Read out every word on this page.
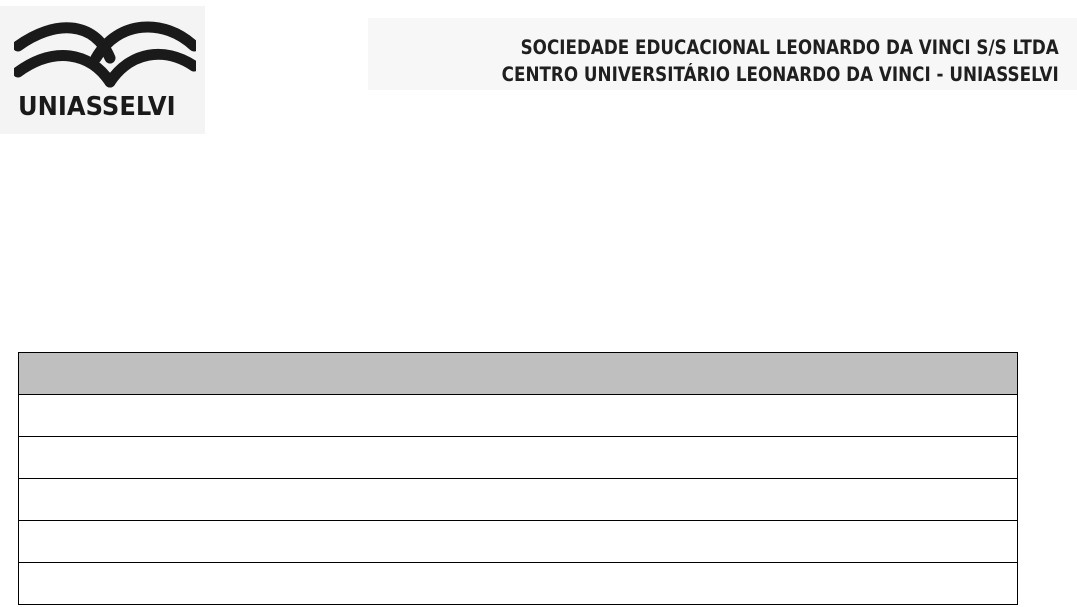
UNIASSELVI
SOCIEDADE EDUCACIONAL LEONARDO DA VINCI S/S LTDA
CENTRO UNIVERSITÁRIO LEONARDO DA VINCI - UNIASSELVI
